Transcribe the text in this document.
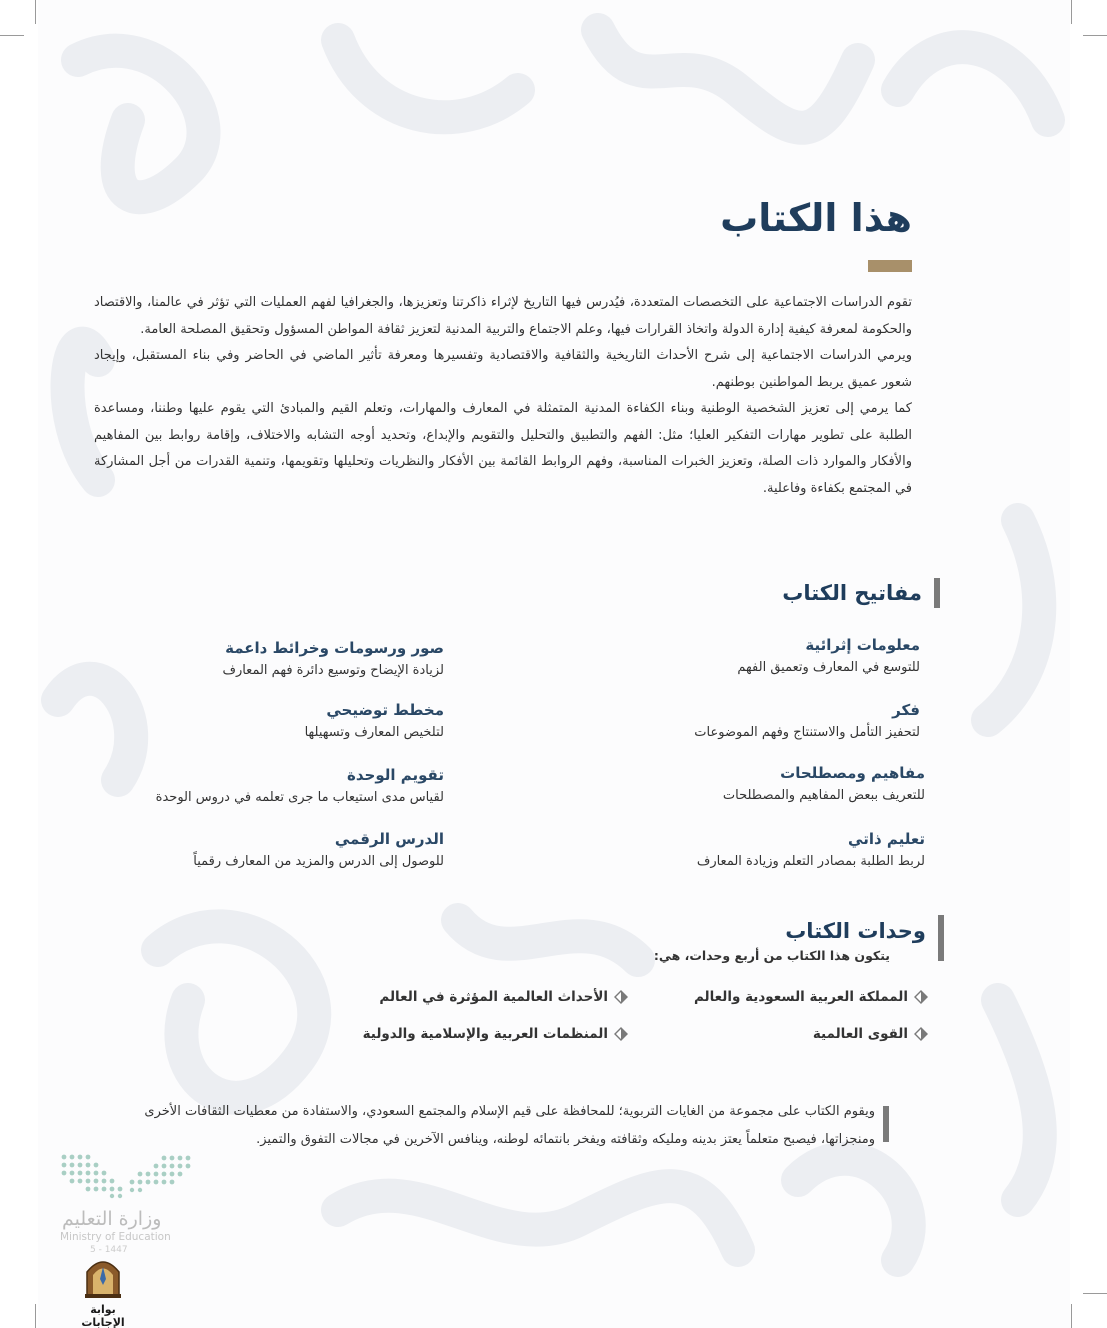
هذا الكتاب

تقوم الدراسات الاجتماعية على التخصصات المتعددة، فيُدرس فيها التاريخ لإثراء ذاكرتنا وتعزيزها، والجغرافيا لفهم العمليات التي تؤثر في عالمنا، والاقتصاد والحكومة لمعرفة كيفية إدارة الدولة واتخاذ القرارات فيها، وعلم الاجتماع والتربية المدنية لتعزيز ثقافة المواطن المسؤول وتحقيق المصلحة العامة.

ويرمي الدراسات الاجتماعية إلى شرح الأحداث التاريخية والثقافية والاقتصادية وتفسيرها ومعرفة تأثير الماضي في الحاضر وفي بناء المستقبل، وإيجاد شعور عميق يربط المواطنين بوطنهم.

كما يرمي إلى تعزيز الشخصية الوطنية وبناء الكفاءة المدنية المتمثلة في المعارف والمهارات، وتعلم القيم والمبادئ التي يقوم عليها وطننا، ومساعدة الطلبة على تطوير مهارات التفكير العليا؛ مثل: الفهم والتطبيق والتحليل والتقويم والإبداع، وتحديد أوجه التشابه والاختلاف، وإقامة روابط بين المفاهيم والأفكار والموارد ذات الصلة، وتعزيز الخبرات المناسبة، وفهم الروابط القائمة بين الأفكار والنظريات وتحليلها وتقويمها، وتنمية القدرات من أجل المشاركة في المجتمع بكفاءة وفاعلية.

مفاتيح الكتاب
معلومات إثرائية
للتوسع في المعارف وتعميق الفهم
فكر
لتحفيز التأمل والاستنتاج وفهم الموضوعات
مفاهيم ومصطلحات
للتعريف ببعض المفاهيم والمصطلحات
تعليم ذاتي
لربط الطلبة بمصادر التعلم وزيادة المعارف
صور ورسومات وخرائط داعمة
لزيادة الإيضاح وتوسيع دائرة فهم المعارف
مخطط توضيحي
لتلخيص المعارف وتسهيلها
تقويم الوحدة
لقياس مدى استيعاب ما جرى تعلمه في دروس الوحدة
الدرس الرقمي
للوصول إلى الدرس والمزيد من المعارف رقمياً
وحدات الكتاب
يتكون هذا الكتاب من أربع وحدات، هي:
المملكة العربية السعودية والعالم
الأحداث العالمية المؤثرة في العالم
القوى العالمية
المنظمات العربية والإسلامية والدولية
ويقوم الكتاب على مجموعة من الغايات التربوية؛ للمحافظة على قيم الإسلام والمجتمع السعودي، والاستفادة من معطيات الثقافات الأخرى ومنجزاتها، فيصبح متعلماً يعتز بدينه ومليكه وثقافته ويفخر بانتمائه لوطنه، وينافس الآخرين في مجالات التفوق والتميز.
وزارة التعليم
Ministry of Education
5 - 1447
بوابة الإجابات
